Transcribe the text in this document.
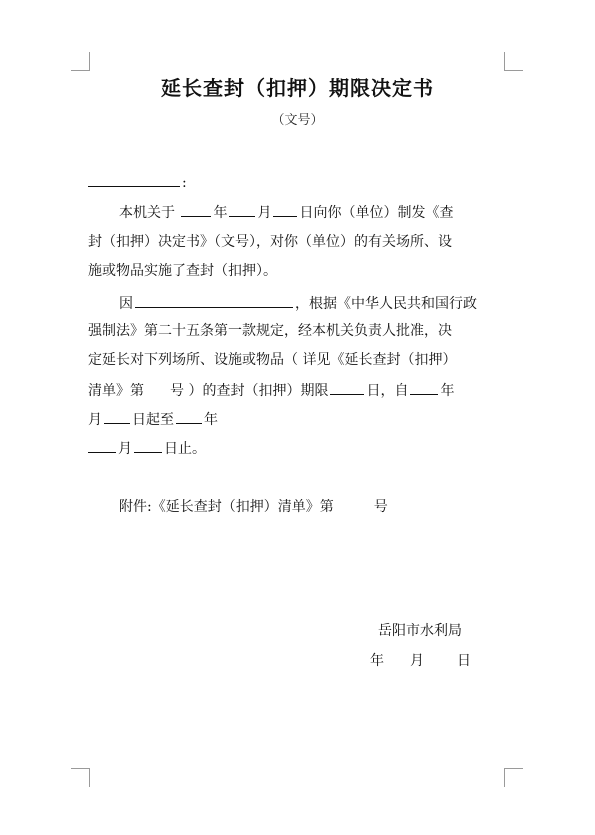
延长查封（扣押）期限决定书
（文号）
:
本机关于	年 月 日向你（单位）制发《查
封（扣押）决定书》（文号），对你（单位）的有关场所、设
施或物品实施了查封（扣押）。
因	，根据《中华人民共和国行政
强制法》第二十五条第一款规定，经本机关负责人批准，决
定延长对下列场所、设施或物品（ 详见《延长查封（扣押）
清单》第 号 ）的查封（扣押）期限	日，自 年
月 日起至 年
月 日止。
附件:《延长查封（扣押）清单》第	号
岳阳市水利局
年 月 日
